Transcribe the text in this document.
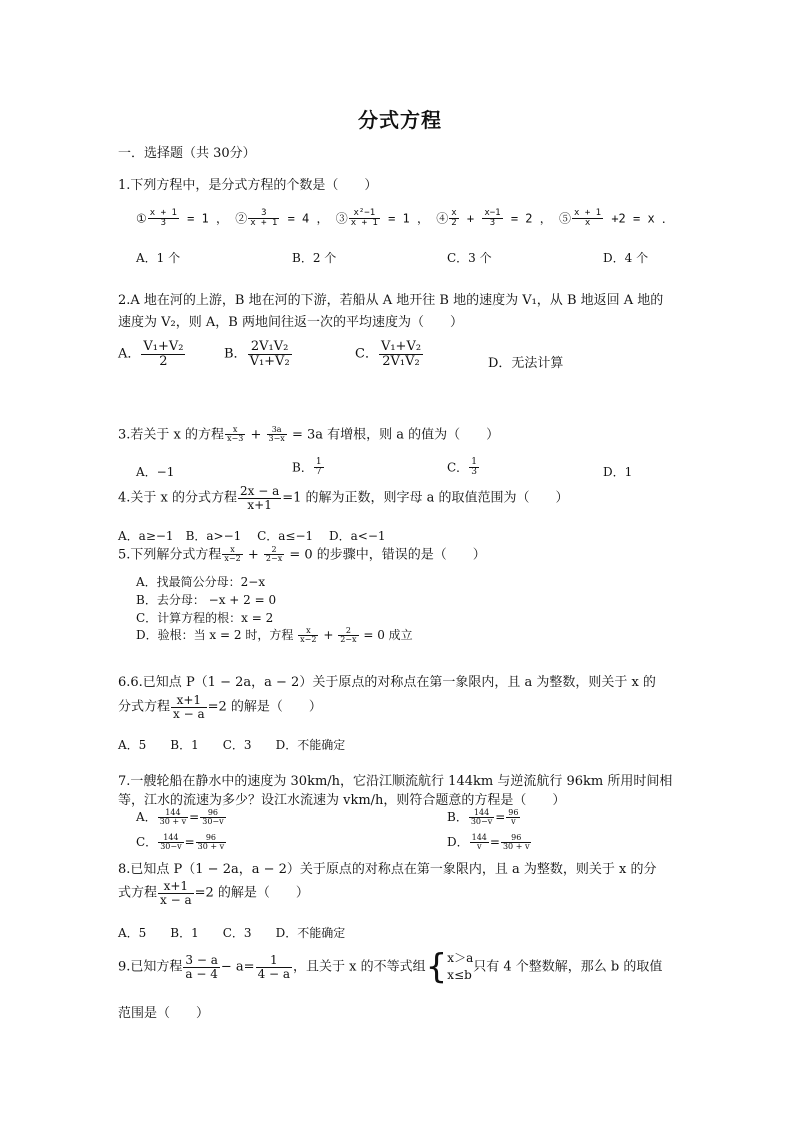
分式方程
一．选择题（共 30分）
1.下列方程中，是分式方程的个数是（　　）
① $\frac{x + 1}{3} = 1$ ， ② $\frac{3}{x + 1} = 4$ ， ③ $\frac{\text{x²−1}}{x + 1} = 1$ ， ④ $\frac{x}{2} + \frac{x-1}{3} = 2$ ， ⑤ $\frac{x + 1}{x} +2 = x$ ．
A．1 个	B．2 个	C．3 个	D．4 个
2.A 地在河的上游，B 地在河的下游，若船从 A 地开往 B 地的速度为 V₁，从 B 地返回 A 地的
速度为 V₂，则 A，B 两地间往返一次的平均速度为（　　）
A． $\frac{\text{V₁+V₂}}{2}$	B． $\frac{\text{2V₁V₂}}{\text{V₁+V₂}}$	C． $\frac{\text{V₁+V₂}}{\text{2V₁V₂}}$	D．无法计算
3.若关于 x 的方程 $\frac{x}{x-3} + \frac{3a}{3-x} = 3a$ 有增根，则 a 的值为（　　）
A．−1	B． $\frac{1}{7}$	C． $\frac{1}{3}$	D．1
4.关于 x 的分式方程 $\frac{2x - a}{x+1} =1$ 的解为正数，则字母 a 的取值范围为（　　）
A．a≥−1　B．a>−1　 C．a≤−1　 D．a<−1
5.下列解分式方程 $\frac{x}{x-2} + \frac{2}{2-x} = 0$ 的步骤中，错误的是（　　）
A．找最简公分母：2−x
B．去分母： −x + 2 = 0
C．计算方程的根：x = 2
D．验根：当 x = 2 时，方程 $\frac{x}{x-2} + \frac{2}{2-x} = 0$ 成立
6.6.已知点 P（1 − 2a，a − 2）关于原点的对称点在第一象限内，且 a 为整数，则关于 x 的
分式方程 $\frac{x+1}{x - a} =2$ 的解是（　　）
A．5　　B．1　　C．3　　D．不能确定
7.一艘轮船在静水中的速度为 30km/h，它沿江顺流航行 144km 与逆流航行 96km 所用时间相
等，江水的流速为多少？设江水流速为 vkm/h，则符合题意的方程是（　　）
A． $\frac{144}{30 + v} = \frac{96}{30-v}$	B． $\frac{144}{30-v} = \frac{96}{v}$
C． $\frac{144}{30-v} = \frac{96}{30 + v}$	D． $\frac{144}{v} = \frac{96}{30 + v}$
8.已知点 P（1 − 2a，a − 2）关于原点的对称点在第一象限内，且 a 为整数，则关于 x 的分
式方程 $\frac{x+1}{x - a} =2$ 的解是（　　）
A．5　　B．1　　C．3　　D．不能确定
9.已知方程 $\frac{3 - a}{a - 4} - a= \frac{1}{4 - a}$ ，且关于 x 的不等式组{ x＞a
x≤b
只有 4 个整数解，那么 b 的取值
范围是（　　）
